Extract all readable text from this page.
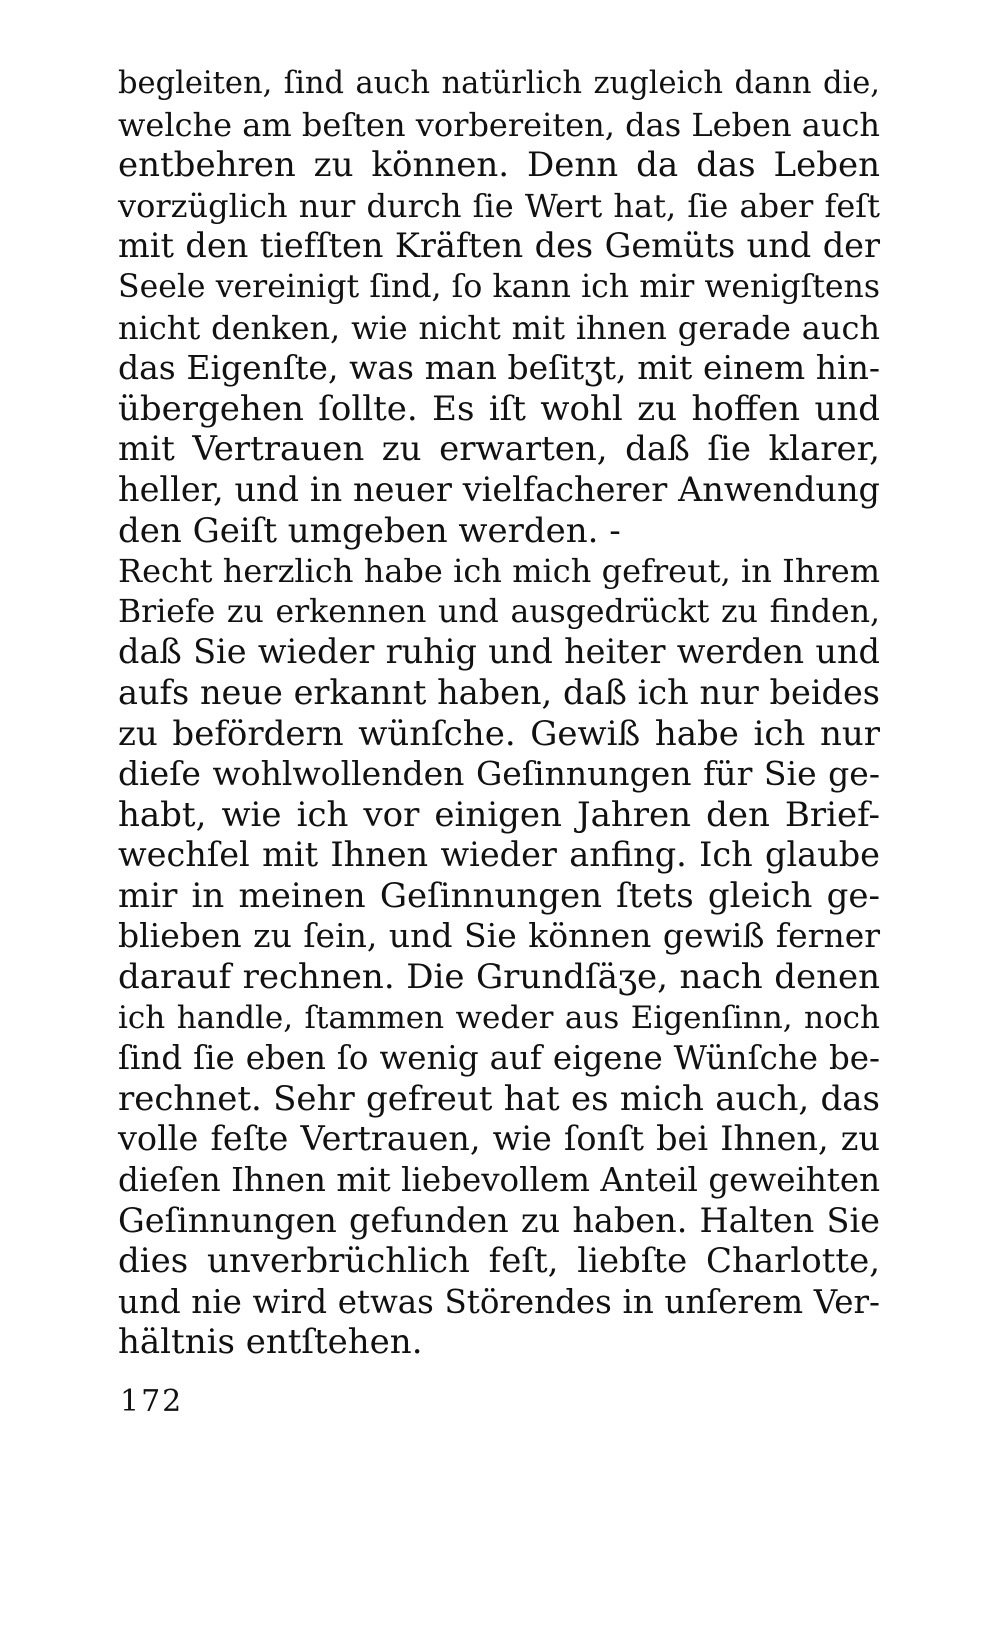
begleiten, ſind auch natürlich zugleich dann die,
welche am beſten vorbereiten, das Leben auch
entbehren zu können. Denn da das Leben
vorzüglich nur durch ſie Wert hat, ſie aber feſt
mit den tiefſten Kräften des Gemüts und der
Seele vereinigt ſind, ſo kann ich mir wenigſtens
nicht denken, wie nicht mit ihnen gerade auch
das Eigenſte, was man beſitʒt, mit einem hin-
übergehen ſollte. Es iſt wohl zu hoffen und
mit Vertrauen zu erwarten, daß ſie klarer,
heller, und in neuer vielfacherer Anwendung
den Geiſt umgeben werden. -
Recht herzlich habe ich mich gefreut, in Ihrem
Briefe zu erkennen und ausgedrückt zu finden,
daß Sie wieder ruhig und heiter werden und
aufs neue erkannt haben, daß ich nur beides
zu befördern wünſche. Gewiß habe ich nur
dieſe wohlwollenden Geſinnungen für Sie ge-
habt, wie ich vor einigen Jahren den Brief-
wechſel mit Ihnen wieder anfing. Ich glaube
mir in meinen Geſinnungen ſtets gleich ge-
blieben zu ſein, und Sie können gewiß ferner
darauf rechnen. Die Grundſäʒe, nach denen
ich handle, ſtammen weder aus Eigenſinn, noch
ſind ſie eben ſo wenig auf eigene Wünſche be-
rechnet. Sehr gefreut hat es mich auch, das
volle feſte Vertrauen, wie ſonſt bei Ihnen, zu
dieſen Ihnen mit liebevollem Anteil geweihten
Geſinnungen gefunden zu haben. Halten Sie
dies unverbrüchlich feſt, liebſte Charlotte,
und nie wird etwas Störendes in unſerem Ver-
hältnis entſtehen.
172
